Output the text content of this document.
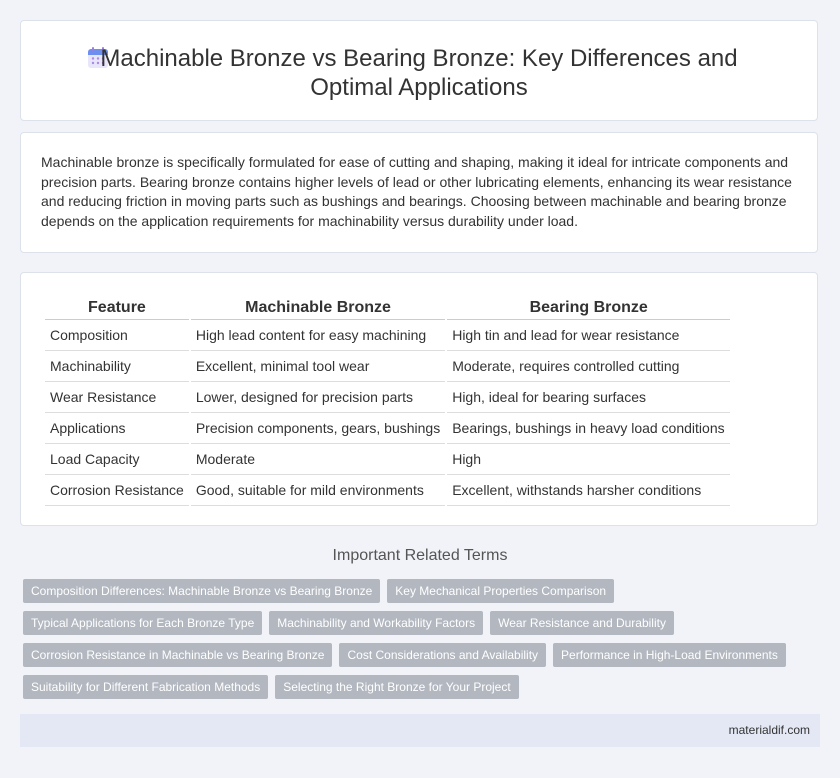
Machinable Bronze vs Bearing Bronze: Key Differences and
Optimal Applications
Machinable bronze is specifically formulated for ease of cutting and shaping, making it ideal for intricate components and precision parts. Bearing bronze contains higher levels of lead or other lubricating elements, enhancing its wear resistance and reducing friction in moving parts such as bushings and bearings. Choosing between machinable and bearing bronze depends on the application requirements for machinability versus durability under load.
Feature	Machinable Bronze	Bearing Bronze
Composition	High lead content for easy machining	High tin and lead for wear resistance
Machinability	Excellent, minimal tool wear	Moderate, requires controlled cutting
Wear Resistance	Lower, designed for precision parts	High, ideal for bearing surfaces
Applications	Precision components, gears, bushings	Bearings, bushings in heavy load conditions
Load Capacity	Moderate	High
Corrosion Resistance	Good, suitable for mild environments	Excellent, withstands harsher conditions
Important Related Terms
Composition Differences: Machinable Bronze vs Bearing Bronze	Key Mechanical Properties Comparison
Typical Applications for Each Bronze Type	Machinability and Workability Factors	Wear Resistance and Durability
Corrosion Resistance in Machinable vs Bearing Bronze	Cost Considerations and Availability	Performance in High-Load Environments
Suitability for Different Fabrication Methods	Selecting the Right Bronze for Your Project
materialdif.com
